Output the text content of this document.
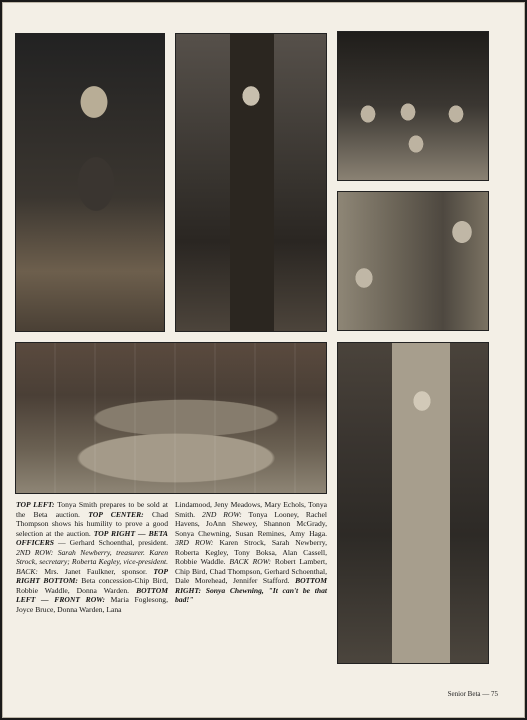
TOP LEFT: Tonya Smith prepares to be sold at the Beta auction. TOP CENTER: Chad Thompson shows his humility to prove a good selection at the auction. TOP RIGHT — BETA OFFICERS — Gerhard Schoenthal, president. 2ND ROW: Sarah Newberry, treasurer. Karen Strock, secretary; Roberta Kegley, vice-president. BACK: Mrs. Janet Faulkner, sponsor. TOP RIGHT BOTTOM: Beta concession-Chip Bird, Robbie Waddle, Donna Warden. BOTTOM LEFT — FRONT ROW: Maria Foglesong, Joyce Bruce, Donna Warden, Lana
Lindamood, Jeny Meadows, Mary Echols, Tonya Smith. 2ND ROW: Tonya Looney, Rachel Havens, JoAnn Shewey, Shannon McGrady, Sonya Chewning, Susan Remines, Amy Haga. 3RD ROW: Karen Strock, Sarah Newberry, Roberta Kegley, Tony Boksa, Alan Cassell, Robbie Waddle. BACK ROW: Robert Lambert, Chip Bird, Chad Thompson, Gerhard Schoenthal, Dale Morehead, Jennifer Stafford. BOTTOM RIGHT: Sonya Chewning, "It can't be that bad!"
Senior Beta — 75
